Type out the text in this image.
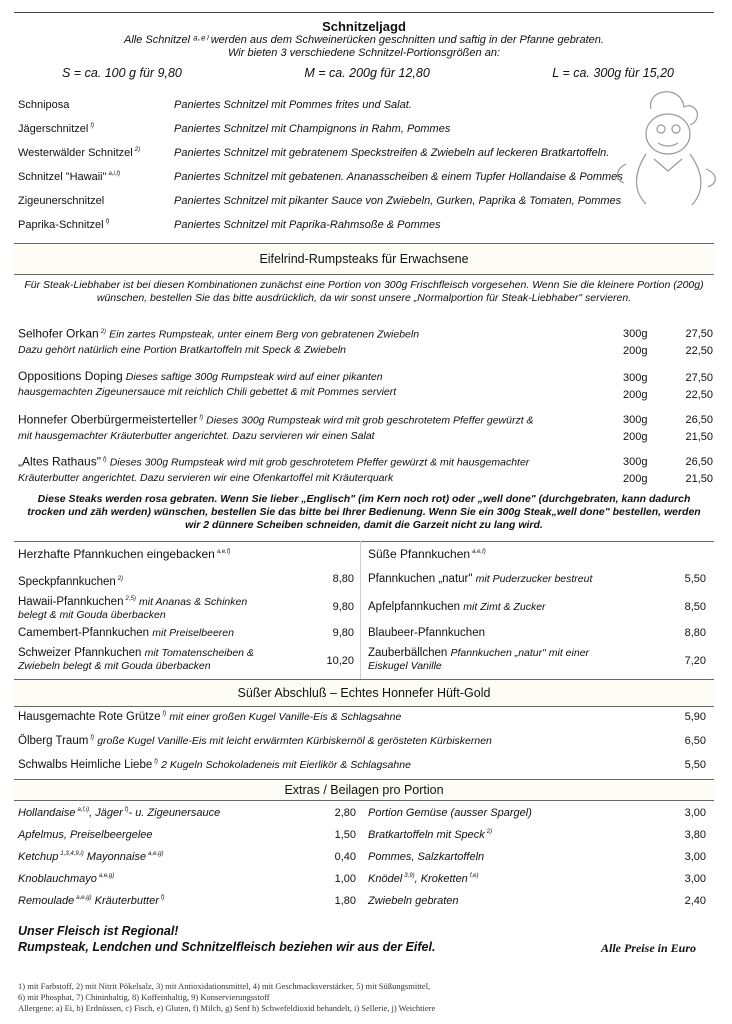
Schnitzeljagd
Alle Schnitzel ᵃ·ᵉ⁾ werden aus dem Schweinerücken geschnitten und saftig in der Pfanne gebraten.
Wir bieten 3 verschiedene Schnitzel-Portionsgrößen an:
S = ca. 100 g für 9,80	M = ca. 200g für 12,80	L = ca. 300g für 15,20
Schniposa	Paniertes Schnitzel mit Pommes frites und Salat.
Jägerschnitzel $^{f)}$	Paniertes Schnitzel mit Champignons in Rahm, Pommes
Westerwälder Schnitzel $^{2)}$	Paniertes Schnitzel mit gebratenem Speckstreifen & Zwiebeln auf leckeren Bratkartoffeln.
Schnitzel "Hawaii" $^{a,i,f)}$	Paniertes Schnitzel mit gebatenen. Ananasscheiben & einem Tupfer Hollandaise & Pommes
Zigeunerschnitzel	Paniertes Schnitzel mit pikanter Sauce von Zwiebeln, Gurken, Paprika & Tomaten, Pommes
Paprika-Schnitzel $^{f)}$	Paniertes Schnitzel mit Paprika-Rahmsoße & Pommes
Eifelrind-Rumpsteaks für Erwachsene
Für Steak-Liebhaber ist bei diesen Kombinationen zunächst eine Portion von 300g Frischfleisch vorgesehen. Wenn Sie die kleinere Portion (200g) wünschen, bestellen Sie das bitte ausdrücklich, da wir sonst unsere „Normalportion für Steak-Liebhaber" servieren.
Selhofer Orkan $^{2)}$ Ein zartes Rumpsteak, unter einem Berg von gebratenen Zwiebeln
Dazu gehört natürlich eine Portion Bratkartoffeln mit Speck & Zwiebeln
300g	27,50
200g	22,50
Oppositions Doping Dieses saftige 300g Rumpsteak wird auf einer pikanten
hausgemachten Zigeunersauce mit reichlich Chili gebettet & mit Pommes serviert
300g	27,50
200g	22,50
Honnefer Oberbürgermeisterteller $^{f)}$ Dieses 300g Rumpsteak wird mit grob geschrotetem Pfeffer gewürzt &
mit hausgemachter Kräuterbutter angerichtet. Dazu servieren wir einen Salat
300g	26,50
200g	21,50
„Altes Rathaus" $^{f)}$ Dieses 300g Rumpsteak wird mit grob geschrotetem Pfeffer gewürzt & mit hausgemachter
Kräuterbutter angerichtet. Dazu servieren wir eine Ofenkartoffel mit Kräuterquark
300g	26,50
200g	21,50
Diese Steaks werden rosa gebraten. Wenn Sie lieber „Englisch" (im Kern noch rot) oder „well done" (durchgebraten, kann dadurch trocken und zäh werden) wünschen, bestellen Sie das bitte bei Ihrer Bedienung. Wenn Sie ein 300g Steak„well done" bestellen, werden wir 2 dünnere Scheiben schneiden, damit die Garzeit nicht zu lang wird.
Herzhafte Pfannkuchen eingebacken $^{a,e,f)}$	Süße Pfannkuchen $^{a,e,f)}$
Speckpfannkuchen $^{2)}$	8,80
Hawaii-Pfannkuchen $^{2,5)}$ mit Ananas & Schinken
belegt & mit Gouda überbacken
9,80
Camembert-Pfannkuchen mit Preiselbeeren	9,80
Schweizer Pfannkuchen mit Tomatenscheiben &
Zwiebeln belegt & mit Gouda überbacken	10,20
Pfannkuchen „natur" mit Puderzucker bestreut	5,50
Apfelpfannkuchen mit Zimt & Zucker	8,50
Blaubeer-Pfannkuchen	8,80
Zauberbällchen Pfannkuchen „natur" mit einer
Eiskugel Vanille	7,20
Süßer Abschluß – Echtes Honnefer Hüft-Gold
Hausgemachte Rote Grütze $^{f)}$ mit einer großen Kugel Vanille-Eis & Schlagsahne	5,90
Ölberg Traum $^{f)}$ große Kugel Vanille-Eis mit leicht erwärmten Kürbiskernöl & gerösteten Kürbiskernen	6,50
Schwalbs Heimliche Liebe $^{f)}$ 2 Kugeln Schokoladeneis mit Eierlikör & Schlagsahne	5,50
Extras / Beilagen pro Portion
Hollandaise $^{a,f,i)}$, Jäger $^{f)}$- u. Zigeunersauce	2,80
Apfelmus, Preiselbeergelee	1,50
Ketchup $^{1,3,4,9,i)}$ Mayonnaise $^{a,e,g)}$	0,40
Knoblauchmayo $^{a,e,g)}$	1,00
Remoulade $^{a,e,g)}$ Kräuterbutter $^{f)}$	1,80
Portion Gemüse (ausser Spargel)	3,00
Bratkartoffeln mit Speck $^{2)}$	3,80
Pommes, Salzkartoffeln	3,00
Knödel $^{3,9)}$, Kroketten $^{f,e)}$	3,00
Zwiebeln gebraten	2,40
Unser Fleisch ist Regional!
Rumpsteak, Lendchen und Schnitzelfleisch beziehen wir aus der Eifel.	Alle Preise in Euro
1) mit Farbstoff, 2) mit Nitrit Pökelsalz, 3) mit Antioxidationsmittel, 4) mit Geschmacksverstärker, 5) mit Süßungsmittel,
6) mit Phosphat, 7) Chininhaltig, 8) Koffeinhaltig, 9) Konservierungsstoff
Allergene: a) Ei, b) Erdnüssen, c) Fisch, e) Gluten, f) Milch, g) Senf h) Schwefeldioxid behandelt, i) Sellerie, j) Weichtiere
